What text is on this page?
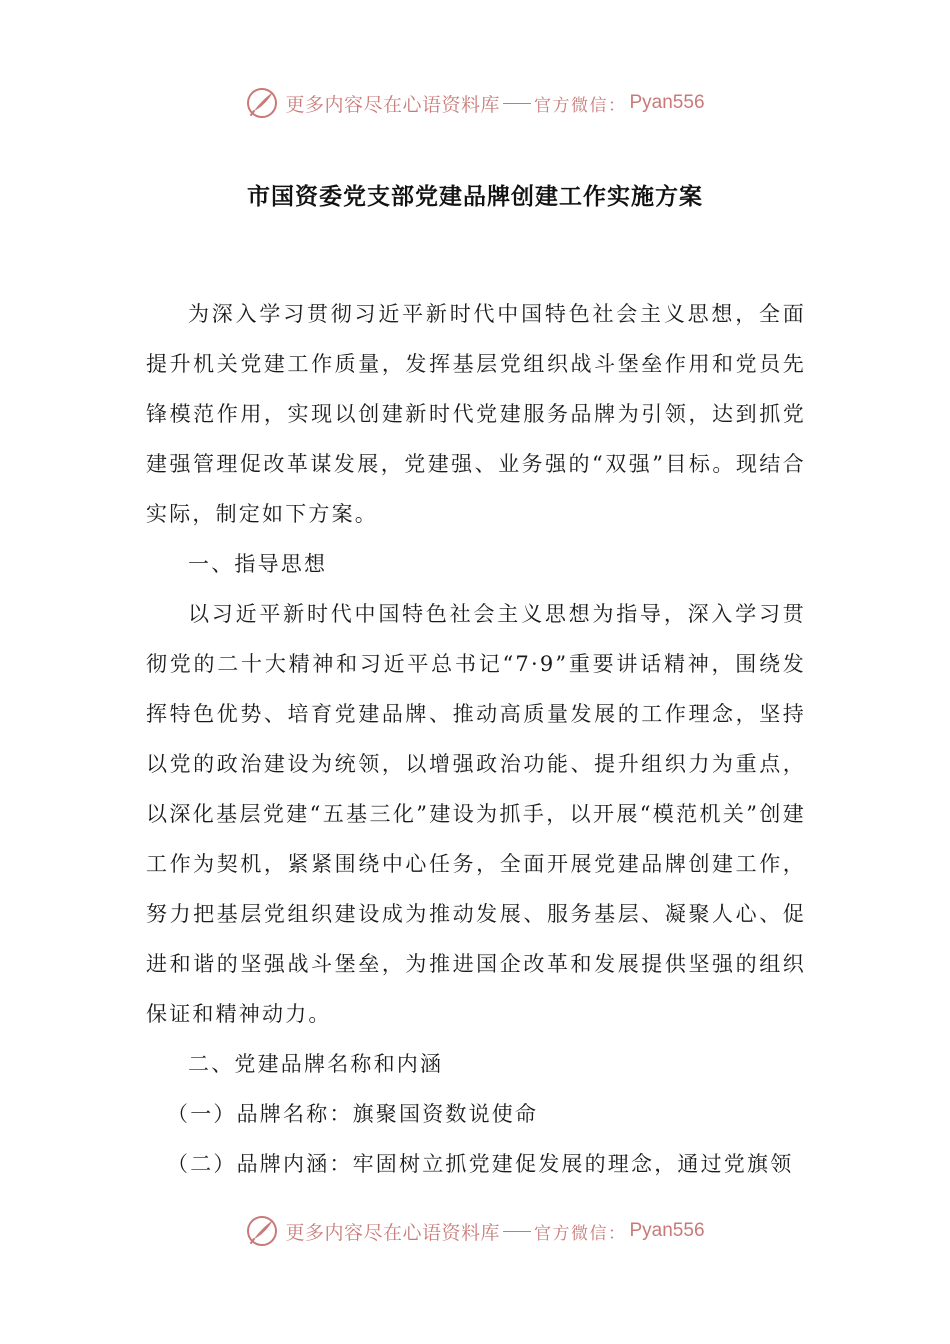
更多内容尽在心语资料库 官方微信： Pyan556
市国资委党支部党建品牌创建工作实施方案

为深入学习贯彻习近平新时代中国特色社会主义思想，全面提升机关党建工作质量，发挥基层党组织战斗堡垒作用和党员先锋模范作用，实现以创建新时代党建服务品牌为引领，达到抓党建强管理促改革谋发展，党建强、业务强的“双强”目标。现结合实际，制定如下方案。

一、指导思想

以习近平新时代中国特色社会主义思想为指导，深入学习贯彻党的二十大精神和习近平总书记“7·9”重要讲话精神，围绕发挥特色优势、培育党建品牌、推动高质量发展的工作理念，坚持以党的政治建设为统领，以增强政治功能、提升组织力为重点，以深化基层党建“五基三化”建设为抓手，以开展“模范机关”创建工作为契机，紧紧围绕中心任务，全面开展党建品牌创建工作，努力把基层党组织建设成为推动发展、服务基层、凝聚人心、促进和谐的坚强战斗堡垒，为推进国企改革和发展提供坚强的组织保证和精神动力。

二、党建品牌名称和内涵

（一）品牌名称：旗聚国资数说使命

（二）品牌内涵：牢固树立抓党建促发展的理念，通过党旗领

更多内容尽在心语资料库 官方微信： Pyan556
